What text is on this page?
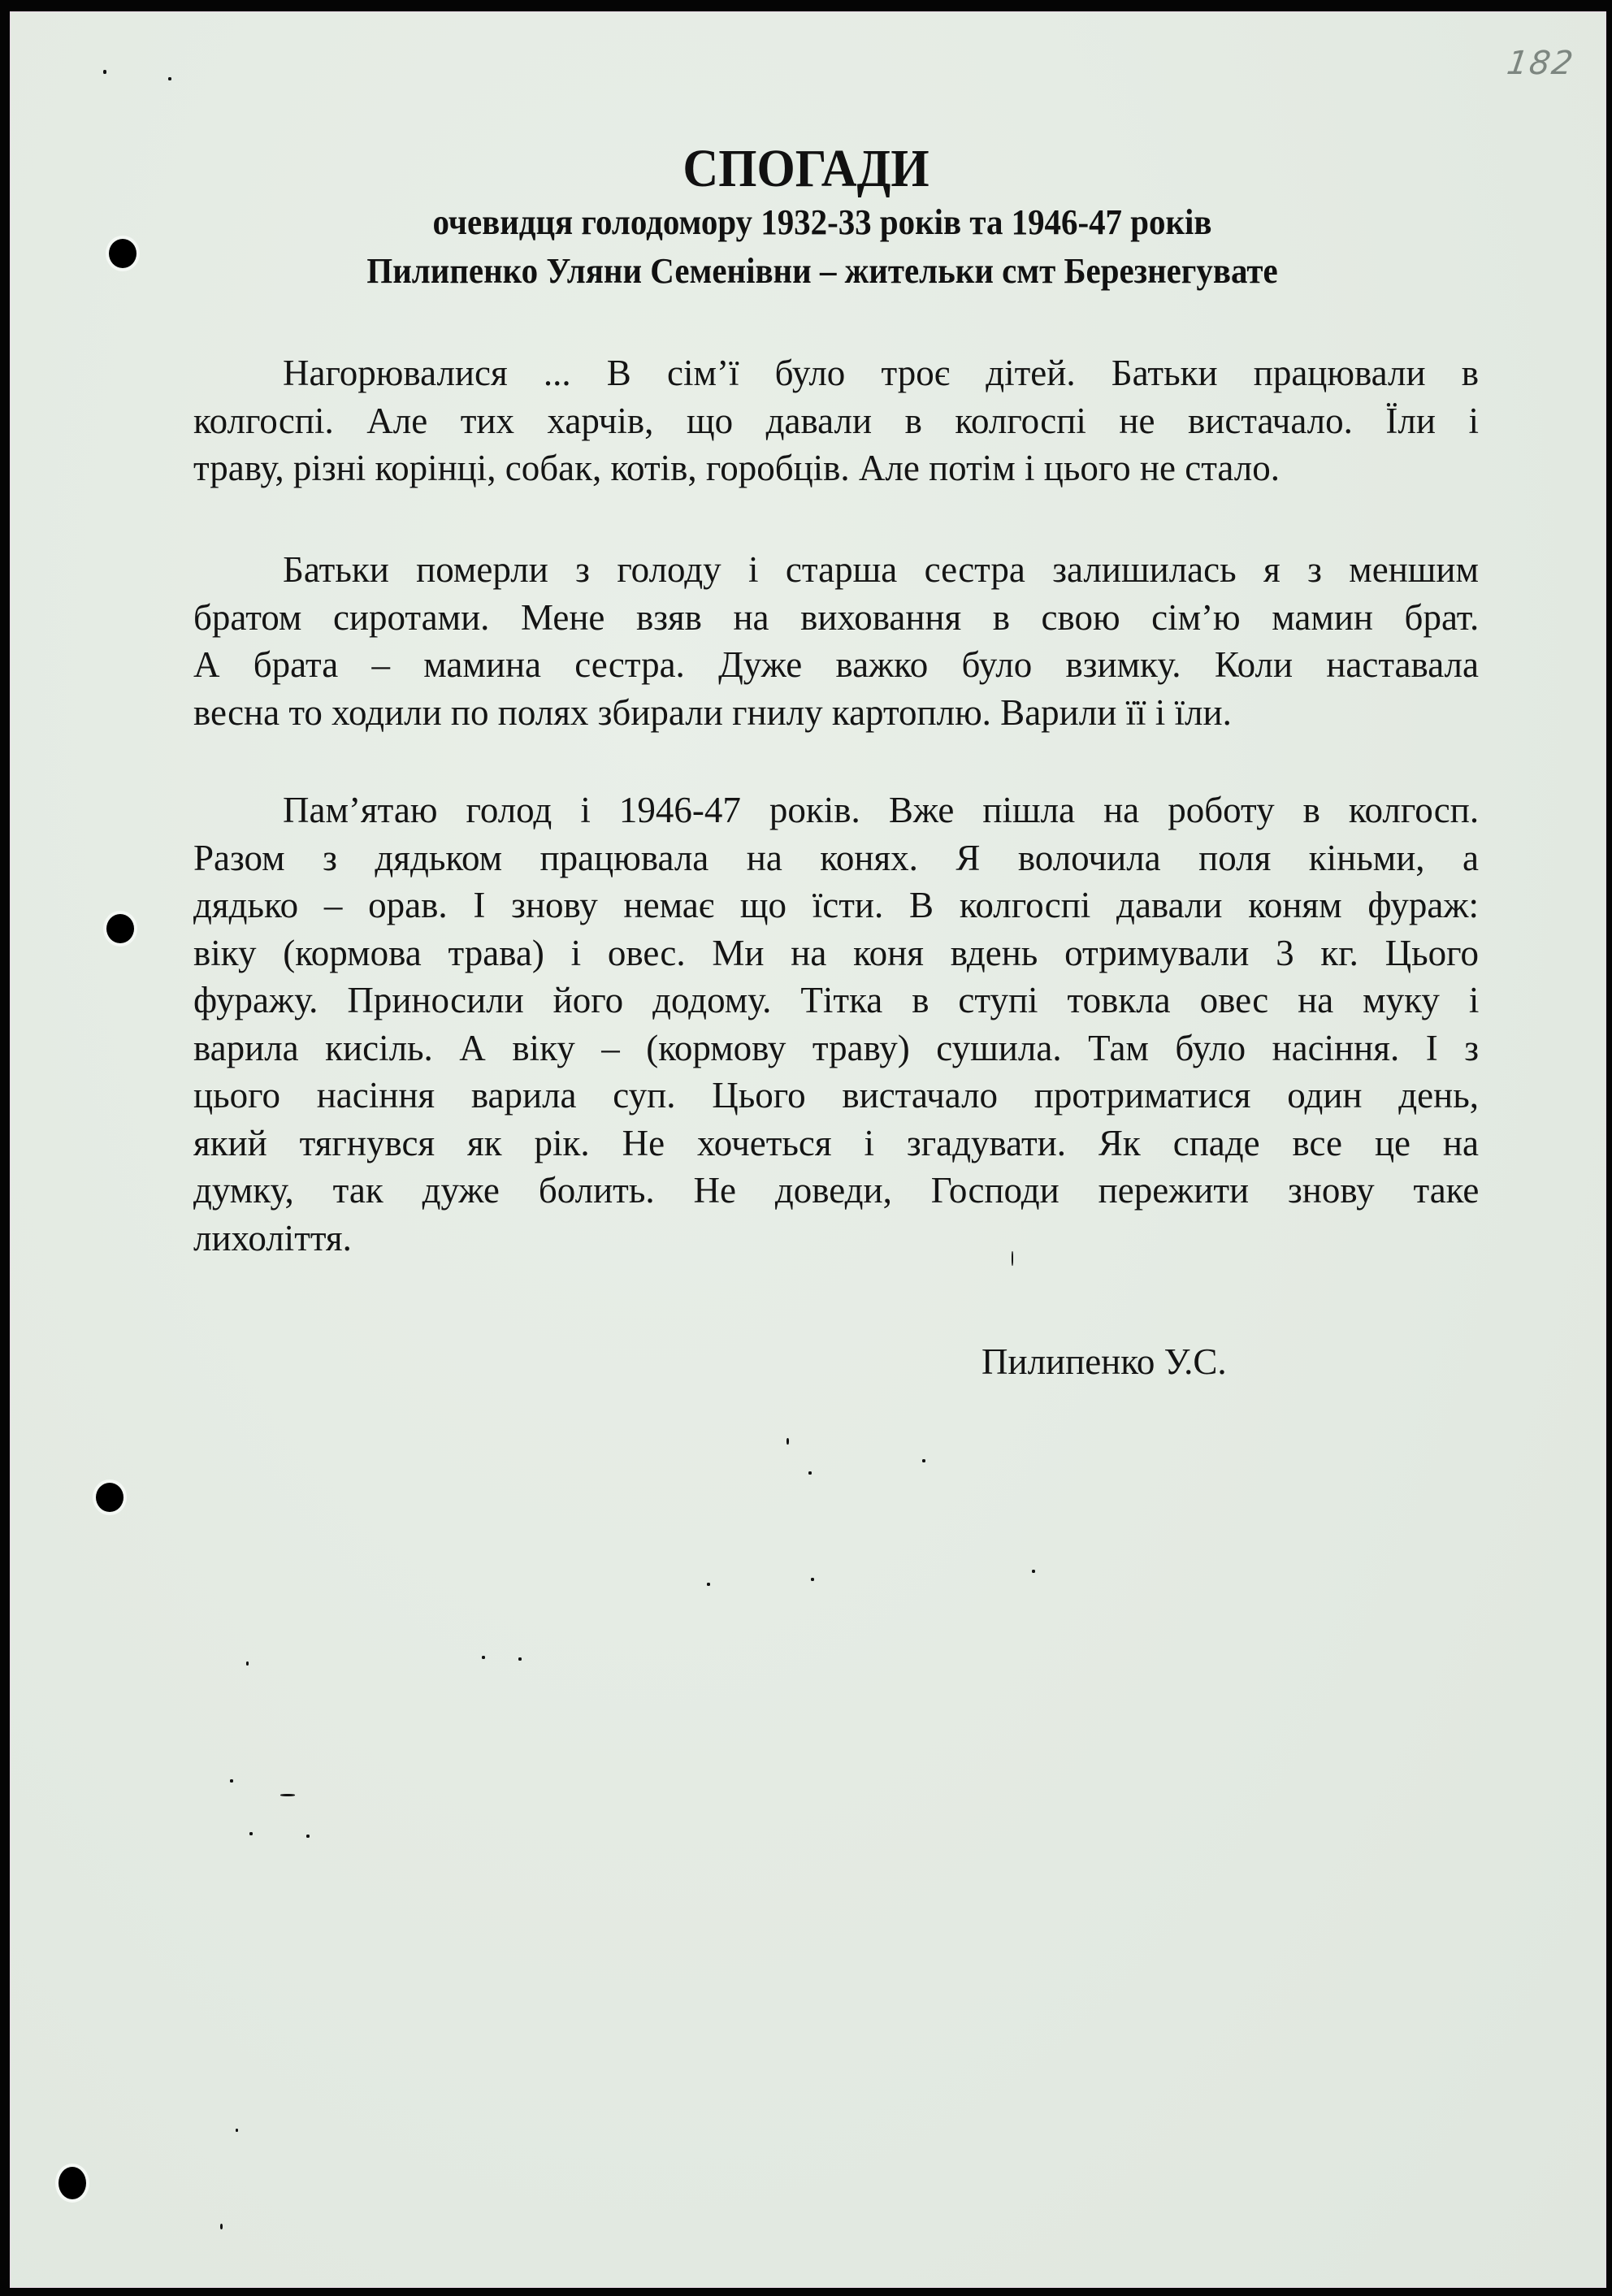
182
СПОГАДИ
очевидця голодомору 1932-33 років та 1946-47 років
Пилипенко Уляни Семенівни – жительки смт Березнегувате
Нагорювалися ... В сім’ї було троє дітей. Батьки працювали в
колгоспі. Але тих харчів, що давали в колгоспі не вистачало. Їли і
траву, різні корінці, собак, котів, горобців. Але потім і цього не стало.
Батьки померли з голоду і старша сестра залишилась я з меншим
братом сиротами. Мене взяв на виховання в свою сім’ю мамин брат.
А брата – мамина сестра. Дуже важко було взимку. Коли наставала
весна то ходили по полях збирали гнилу картоплю. Варили її і їли.
Пам’ятаю голод і 1946-47 років. Вже пішла на роботу в колгосп.
Разом з дядьком працювала на конях. Я волочила поля кіньми, а
дядько – орав. І знову немає що їсти. В колгоспі давали коням фураж:
віку (кормова трава) і овес. Ми на коня вдень отримували 3 кг. Цього
фуражу. Приносили його додому. Тітка в ступі товкла овес на муку і
варила кисіль. А віку – (кормову траву) сушила. Там було насіння. І з
цього насіння варила суп. Цього вистачало протриматися один день,
який тягнувся як рік. Не хочеться і згадувати. Як спаде все це на
думку, так дуже болить. Не доведи, Господи пережити знову таке
лихоліття.
Пилипенко У.С.
